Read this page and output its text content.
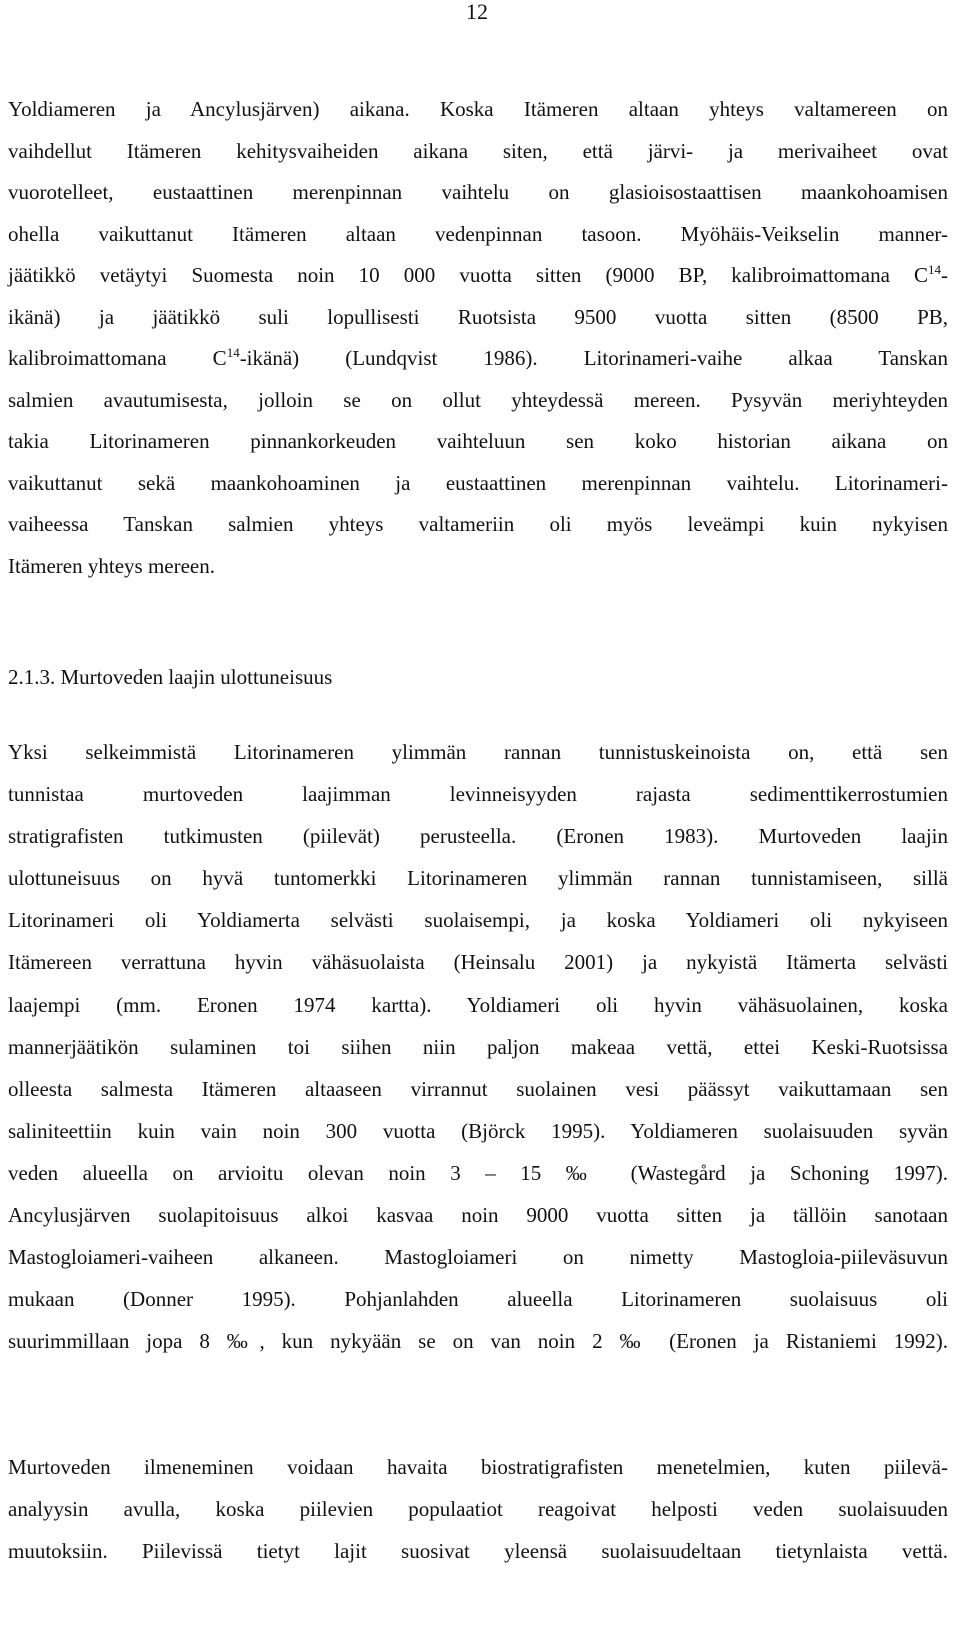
12

Yoldiameren ja Ancylusjärven) aikana. Koska Itämeren altaan yhteys valtamereen on
vaihdellut Itämeren kehitysvaiheiden aikana siten, että järvi- ja merivaiheet ovat
vuorotelleet, eustaattinen merenpinnan vaihtelu on glasioisostaattisen maankohoamisen
ohella vaikuttanut Itämeren altaan vedenpinnan tasoon. Myöhäis-Veikselin manner-
jäätikkö vetäytyi Suomesta noin 10 000 vuotta sitten (9000 BP, kalibroimattomana $C^{14}-$
ikänä) ja jäätikkö suli lopullisesti Ruotsista 9500 vuotta sitten (8500 PB,
kalibroimattomana $C^{14}-ikänä$) (Lundqvist 1986). Litorinameri-vaihe alkaa Tanskan
salmien avautumisesta, jolloin se on ollut yhteydessä mereen. Pysyvän meriyhteyden
takia Litorinameren pinnankorkeuden vaihteluun sen koko historian aikana on
vaikuttanut sekä maankohoaminen ja eustaattinen merenpinnan vaihtelu. Litorinameri-
vaiheessa Tanskan salmien yhteys valtameriin oli myös leveämpi kuin nykyisen
Itämeren yhteys mereen.

2.1.3. Murtoveden laajin ulottuneisuus

Yksi selkeimmistä Litorinameren ylimmän rannan tunnistuskeinoista on, että sen
tunnistaa murtoveden laajimman levinneisyyden rajasta sedimenttikerrostumien
stratigrafisten tutkimusten (piilevät) perusteella. (Eronen 1983). Murtoveden laajin
ulottuneisuus on hyvä tuntomerkki Litorinameren ylimmän rannan tunnistamiseen, sillä
Litorinameri oli Yoldiamerta selvästi suolaisempi, ja koska Yoldiameri oli nykyiseen
Itämereen verrattuna hyvin vähäsuolaista (Heinsalu 2001) ja nykyistä Itämerta selvästi
laajempi (mm. Eronen 1974 kartta). Yoldiameri oli hyvin vähäsuolainen, koska
mannerjäätikön sulaminen toi siihen niin paljon makeaa vettä, ettei Keski-Ruotsissa
olleesta salmesta Itämeren altaaseen virrannut suolainen vesi päässyt vaikuttamaan sen
saliniteettiin kuin vain noin 300 vuotta (Björck 1995). Yoldiameren suolaisuuden syvän
veden alueella on arvioitu olevan noin 3 – 15 ‰ (Wastegård ja Schoning 1997).
Ancylusjärven suolapitoisuus alkoi kasvaa noin 9000 vuotta sitten ja tällöin sanotaan
Mastogloiameri-vaiheen alkaneen. Mastogloiameri on nimetty Mastogloia-piileväsuvun
mukaan (Donner 1995). Pohjanlahden alueella Litorinameren suolaisuus oli
suurimmillaan jopa 8 ‰, kun nykyään se on van noin 2 ‰ (Eronen ja Ristaniemi 1992).

Murtoveden ilmeneminen voidaan havaita biostratigrafisten menetelmien, kuten piilevä-
analyysin avulla, koska piilevien populaatiot reagoivat helposti veden suolaisuuden
muutoksiin. Piilevissä tietyt lajit suosivat yleensä suolaisuudeltaan tietynlaista vettä.
